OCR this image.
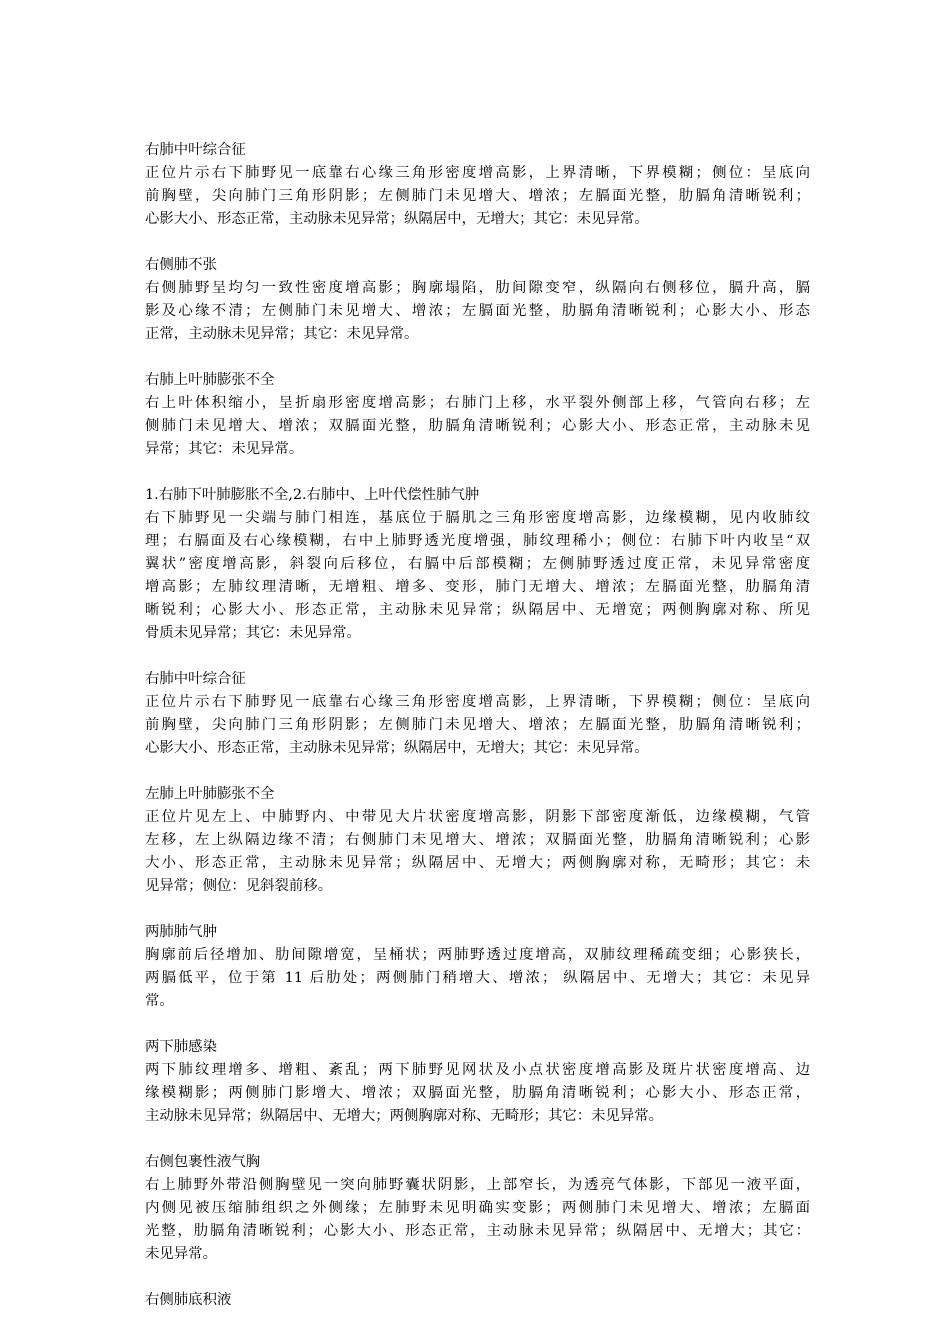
右肺中叶综合征

正位片示右下肺野见一底靠右心缘三角形密度增高影，上界清晰，下界模糊；侧位：呈底向
前胸壁，尖向肺门三角形阴影；左侧肺门未见增大、增浓；左膈面光整，肋膈角清晰锐利；
心影大小、形态正常，主动脉未见异常；纵隔居中，无增大；其它：未见异常。

右侧肺不张

右侧肺野呈均匀一致性密度增高影；胸廓塌陷，肋间隙变窄，纵隔向右侧移位，膈升高，膈
影及心缘不清；左侧肺门未见增大、增浓；左膈面光整，肋膈角清晰锐利；心影大小、形态
正常，主动脉未见异常；其它：未见异常。

右肺上叶肺膨张不全

右上叶体积缩小，呈折扇形密度增高影；右肺门上移，水平裂外侧部上移，气管向右移；左
侧肺门未见增大、增浓；双膈面光整，肋膈角清晰锐利；心影大小、形态正常，主动脉未见
异常；其它：未见异常。

1.右肺下叶肺膨胀不全,2.右肺中、上叶代偿性肺气肿

右下肺野见一尖端与肺门相连，基底位于膈肌之三角形密度增高影，边缘模糊，见内收肺纹
理；右膈面及右心缘模糊，右中上肺野透光度增强，肺纹理稀小；侧位：右肺下叶内收呈“双
翼状”密度增高影，斜裂向后移位，右膈中后部模糊；左侧肺野透过度正常，未见异常密度
增高影；左肺纹理清晰，无增粗、增多、变形，肺门无增大、增浓；左膈面光整，肋膈角清
晰锐利；心影大小、形态正常，主动脉未见异常；纵隔居中、无增宽；两侧胸廓对称、所见
骨质未见异常；其它：未见异常。

右肺中叶综合征

正位片示右下肺野见一底靠右心缘三角形密度增高影，上界清晰，下界模糊；侧位：呈底向
前胸壁，尖向肺门三角形阴影；左侧肺门未见增大、增浓；左膈面光整，肋膈角清晰锐利；
心影大小、形态正常，主动脉未见异常；纵隔居中，无增大；其它：未见异常。

左肺上叶肺膨张不全

正位片见左上、中肺野内、中带见大片状密度增高影，阴影下部密度渐低，边缘模糊，气管
左移，左上纵隔边缘不清；右侧肺门未见增大、增浓；双膈面光整，肋膈角清晰锐利；心影
大小、形态正常，主动脉未见异常；纵隔居中、无增大；两侧胸廓对称，无畸形；其它：未
见异常；侧位：见斜裂前移。

两肺肺气肿

胸廓前后径增加、肋间隙增宽，呈桶状；两肺野透过度增高，双肺纹理稀疏变细；心影狭长，
两膈低平，位于第 11 后肋处；两侧肺门稍增大、增浓； 纵隔居中、无增大；其它：未见异
常。

两下肺感染

两下肺纹理增多、增粗、紊乱；两下肺野见网状及小点状密度增高影及斑片状密度增高、边
缘模糊影；两侧肺门影增大、增浓；双膈面光整，肋膈角清晰锐利；心影大小、形态正常，
主动脉未见异常；纵隔居中、无增大；两侧胸廓对称、无畸形；其它：未见异常。

右侧包裹性液气胸

右上肺野外带沿侧胸壁见一突向肺野囊状阴影，上部窄长，为透亮气体影，下部见一液平面，
内侧见被压缩肺组织之外侧缘；左肺野未见明确实变影；两侧肺门未见增大、增浓；左膈面
光整，肋膈角清晰锐利；心影大小、形态正常，主动脉未见异常；纵隔居中、无增大；其它：
未见异常。

右侧肺底积液
